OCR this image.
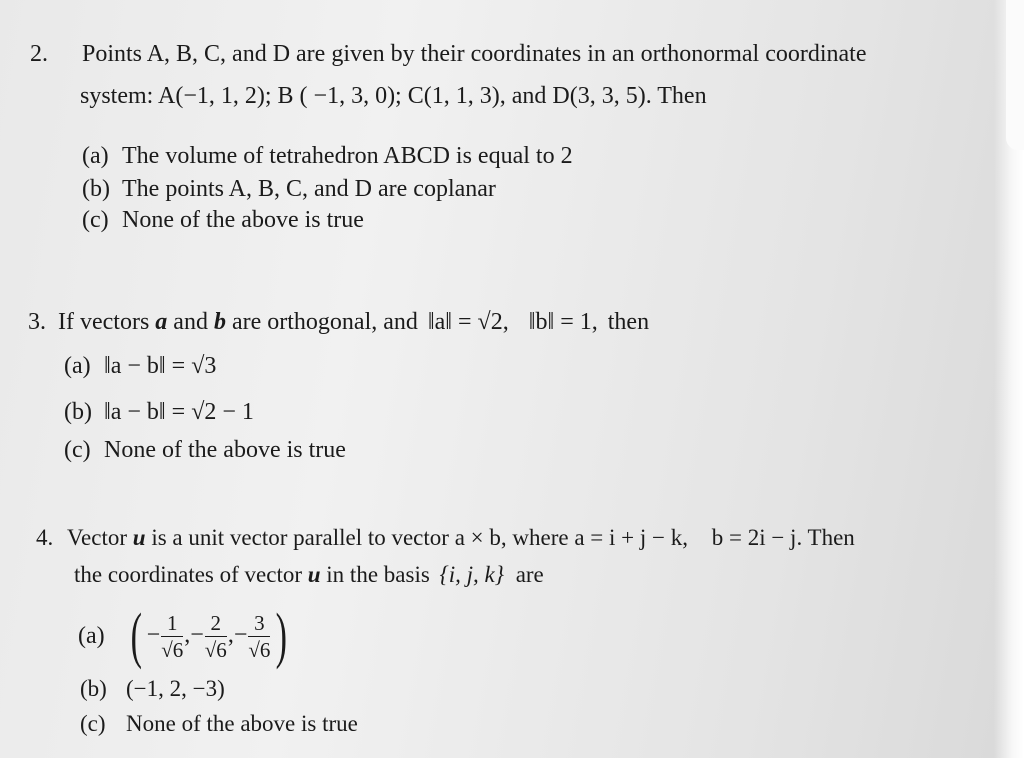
2. Points A, B, C, and D are given by their coordinates in an orthonormal coordinate
system: A(−1, 1, 2); B ( −1, 3, 0); C(1, 1, 3), and D(3, 3, 5). Then
(a) The volume of tetrahedron ABCD is equal to 2
(b) The points A, B, C, and D are coplanar
(c) None of the above is true
3. If vectors a and b are orthogonal, and ‖a‖ = √2, ‖b‖ = 1, then
(a) ‖a − b‖ = √3
(b) ‖a − b‖ = √2 − 1
(c) None of the above is true
4. Vector u is a unit vector parallel to vector a × b, where a = i + j − k, b = 2i − j. Then
the coordinates of vector u in the basis {i, j, k} are
(a) ( − $\frac{1}{√6}$ ,− $\frac{2}{√6}$ ,− $\frac{3}{√6}$ )
(b) (−1, 2, −3)
(c) None of the above is true
